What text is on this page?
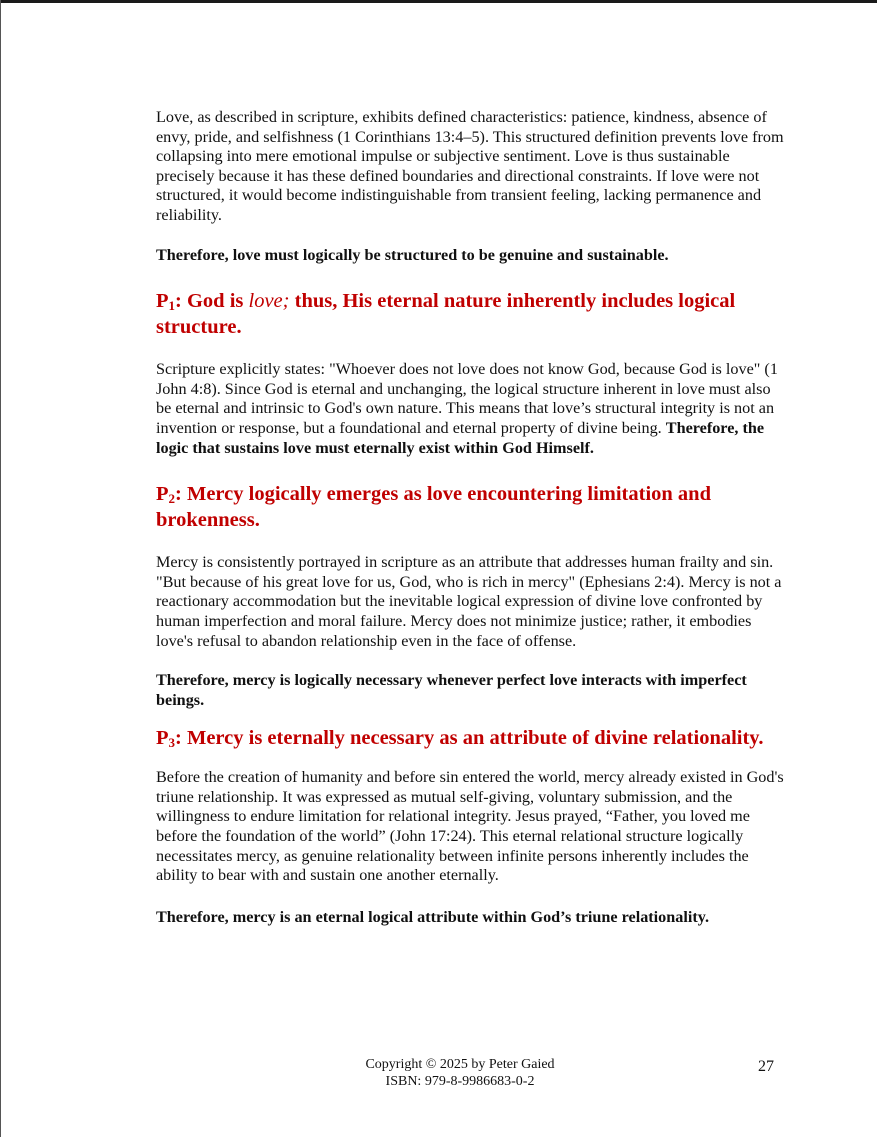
Love, as described in scripture, exhibits defined characteristics: patience, kindness, absence of envy, pride, and selfishness (1 Corinthians 13:4–5). This structured definition prevents love from collapsing into mere emotional impulse or subjective sentiment. Love is thus sustainable precisely because it has these defined boundaries and directional constraints. If love were not structured, it would become indistinguishable from transient feeling, lacking permanence and reliability.

Therefore, love must logically be structured to be genuine and sustainable.

P1: God is love; thus, His eternal nature inherently includes logical structure.

Scripture explicitly states: "Whoever does not love does not know God, because God is love" (1 John 4:8). Since God is eternal and unchanging, the logical structure inherent in love must also be eternal and intrinsic to God's own nature. This means that love’s structural integrity is not an invention or response, but a foundational and eternal property of divine being. Therefore, the logic that sustains love must eternally exist within God Himself.

P2: Mercy logically emerges as love encountering limitation and brokenness.

Mercy is consistently portrayed in scripture as an attribute that addresses human frailty and sin. "But because of his great love for us, God, who is rich in mercy" (Ephesians 2:4). Mercy is not a reactionary accommodation but the inevitable logical expression of divine love confronted by human imperfection and moral failure. Mercy does not minimize justice; rather, it embodies love's refusal to abandon relationship even in the face of offense.

Therefore, mercy is logically necessary whenever perfect love interacts with imperfect beings.

P3: Mercy is eternally necessary as an attribute of divine relationality.

Before the creation of humanity and before sin entered the world, mercy already existed in God's triune relationship. It was expressed as mutual self-giving, voluntary submission, and the willingness to endure limitation for relational integrity. Jesus prayed, “Father, you loved me before the foundation of the world” (John 17:24). This eternal relational structure logically necessitates mercy, as genuine relationality between infinite persons inherently includes the ability to bear with and sustain one another eternally.

Therefore, mercy is an eternal logical attribute within God’s triune relationality.

Copyright © 2025 by Peter Gaied
ISBN: 979-8-9986683-0-2
27
